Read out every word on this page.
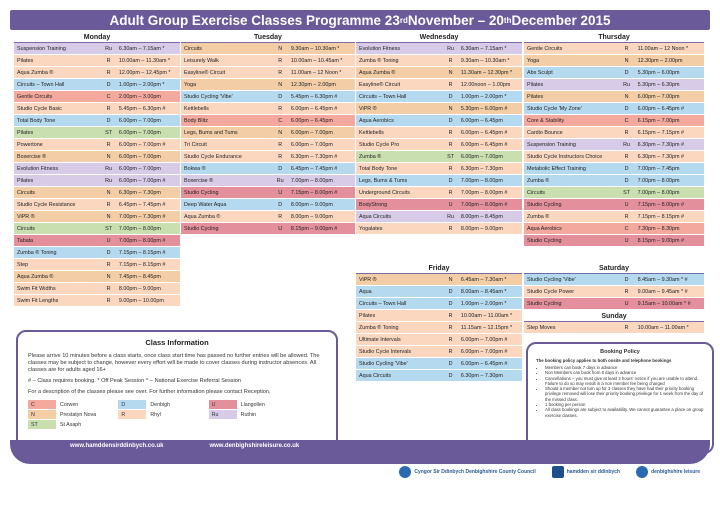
Adult Group Exercise Classes Programme 23 rd November – 20 th December 2015
Monday
Suspension Training	Ru	6.30am – 7.15am *
Pilates	R	10.00am – 11.30am *
Aqua Zumba ®	R	12.00pm – 12.45pm *
Circuits – Town Hall	D	1.00pm – 2.00pm *
Gentle Circuits	C	2.00pm – 3.00pm
Studio Cycle Basic	R	5.45pm – 6.30pm #
Total Body Tone	D	6.00pm – 7.00pm
Pilates	ST	6.00pm – 7.00pm
Powertone	R	6.00pm – 7.00pm #
Boxercise ®	N	6.00pm – 7.00pm
Evolution Fitness	Ru	6.00pm – 7.00pm
Pilates	Ru	6.00pm – 7.00pm #
Circuits	N	6.30pm – 7.30pm
Studio Cycle Resistance	R	6.45pm – 7.45pm #
ViPR ®	N	7.00pm – 7.30pm #
Circuits	ST	7.00pm – 8.00pm
Tabata	U	7.00pm – 8.00pm #
Zumba ® Toning	D	7.15pm – 8.15pm #
Step	R	7.15pm – 8.15pm #
Aqua Zumba ®	N	7.45pm – 8.45pm
Swim Fit Widths	R	8.00pm – 9.00pm
Swim Fit Lengths	R	9.00pm – 10.00pm
Tuesday
Circuits	N	9.30am – 10.30am *
Leisurely Walk	R	10.00am – 10.45am *
Easyline® Circuit	R	11.00am – 12 Noon *
Yoga	N	12.30pm – 2.00pm
Studio Cycling 'Vibe'	D	5.45pm – 6.30pm #
Kettlebells	R	6.00pm – 6.45pm #
Body Blitz	C	6.00pm – 6.45pm
Legs, Bums and Tums	N	6.00pm – 7.00pm
Tri Circuit	R	6.00pm – 7.00pm
Studio Cycle Endurance	R	6.30pm – 7.30pm #
Bokwa ®	D	6.45pm – 7.45pm #
Boxercise ®	Ru	7.00pm – 8.00pm
Studio Cycling	U	7.15pm – 8.00pm #
Deep Water Aqua	D	8.00pm – 9.00pm
Aqua Zumba ®	R	8.00pm – 9.00pm
Studio Cycling	U	8.15pm – 9.00pm #
Wednesday
Evolution Fitness	Ru	6.30am – 7.15am *
Zumba ® Toning	R	9.30am – 10.30am *
Aqua Zumba ®	N	11.30am – 12.30pm *
Easyline® Circuit	R	12.00noon – 1.00pm
Circuits – Town Hall	D	1.00pm – 2.00pm *
ViPR ®	N	5.30pm – 6.00pm #
Aqua Aerobics	D	6.00pm – 6.45pm
Kettlebells	R	6.00pm – 6.45pm #
Studio Cycle Pro	R	6.00pm – 6.45pm #
Zumba ®	ST	6.00pm – 7.00pm
Total Body Tone	R	6.30pm – 7.30pm
Legs, Bums & Tums	D	7.00pm – 8.00pm
Underground Circuits	R	7.00pm – 8.00pm #
BodyStrong	U	7.00pm – 8.00pm #
Aqua Circuits	Ru	8.00pm – 8.45pm
Yogalates	R	8.00pm – 9.00pm
Thursday
Gentle Circuits	R	11.00am – 12 Noon *
Yoga	N	12.30pm – 2.00pm
Abs Sculpt	D	5.30pm – 6.00pm
Pilates	Ru	5.30pm – 6.30pm
Pilates	N	6.00pm – 7.00pm
Studio Cycle 'My Zone'	D	6.00pm – 6.45pm #
Core & Stability	C	6.15pm – 7.00pm
Cardio Bounce	R	6.15pm – 7.15pm #
Suspension Training	Ru	6.30pm – 7.30pm #
Studio Cycle Instructors Choice	R	6.30pm – 7.30pm #
Metabolic Effect Training	D	7.00pm – 7.45pm
Zumba ®	D	7.00pm – 8.00pm
Circuits	ST	7.00pm – 8.00pm
Studio Cycling	U	7.15pm – 8.00pm #
Zumba ®	R	7.15pm – 8.15pm #
Aqua Aerobics	C	7.30pm – 8.30pm
Studio Cycling	U	8.15pm – 9.00pm #
Friday
ViPR ®	N	6.45am – 7.30am *
Aqua	D	8.00am – 8.45am *
Circuits – Town Hall	D	1.00pm – 2.00pm *
Pilates	R	10.00am – 11.00am *
Zumba ® Toning	R	11.15am – 12.15pm *
Ultimate Intervals	R	6.00pm – 7.00pm #
Studio Cycle Intervals	R	6.00pm – 7.00pm #
Studio Cycling 'Vibe'	D	6.00pm – 6.45pm #
Aqua Circuits	D	6.30pm – 7.30pm
Saturday
Studio Cycling 'Vibe'	D	8.45am – 9.30am * #
Studio Cycle Power	R	9.00am – 9.45am * #
Studio Cycling	U	9.15am – 10.00am * #
Sunday
Step Moves	R	10.00am – 11.00am *
Class Information

Please arrive 10 minutes before a class starts, once class start time has passed no further entries will be allowed. The classes may be subject to change, however every effort will be made to cover classes during instructor absences. All classes are for adults aged 16+

# – Class requires booking. * Off Peak Session ^ – National Exercise Referral Session

For a description of the classes please see over. For further information please contact Reception.

C	Corwen	D	Denbigh	U	Llangollen
N	Prestatyn Nova	R	Rhyl	Ru	Ruthin
ST	St Asaph
Booking Policy
The booking policy applies to both onsite and telephone bookings
• Members can book 7 days in advance
• Non Members can book from 6 days in advance
• Cancellations – you must give at least 2 hours' notice if you are unable to attend. Failure to do so may result in a non member fee being charged
• Should a member not turn up for 3 classes they have had their priority booking privilege removed will lose their priority booking privilege for 1 week from the day of the missed class.
• 1 booking per person
• All class bookings are subject to availability. We cannot guarantee a place on group exercise classes.
www.hamddensirddinbych.co.uk	www.denbighshireleisure.co.uk
Cyngor Sir Ddinbych Denbighshire County Council	hamdden sir ddinbych	denbighshire leisure
